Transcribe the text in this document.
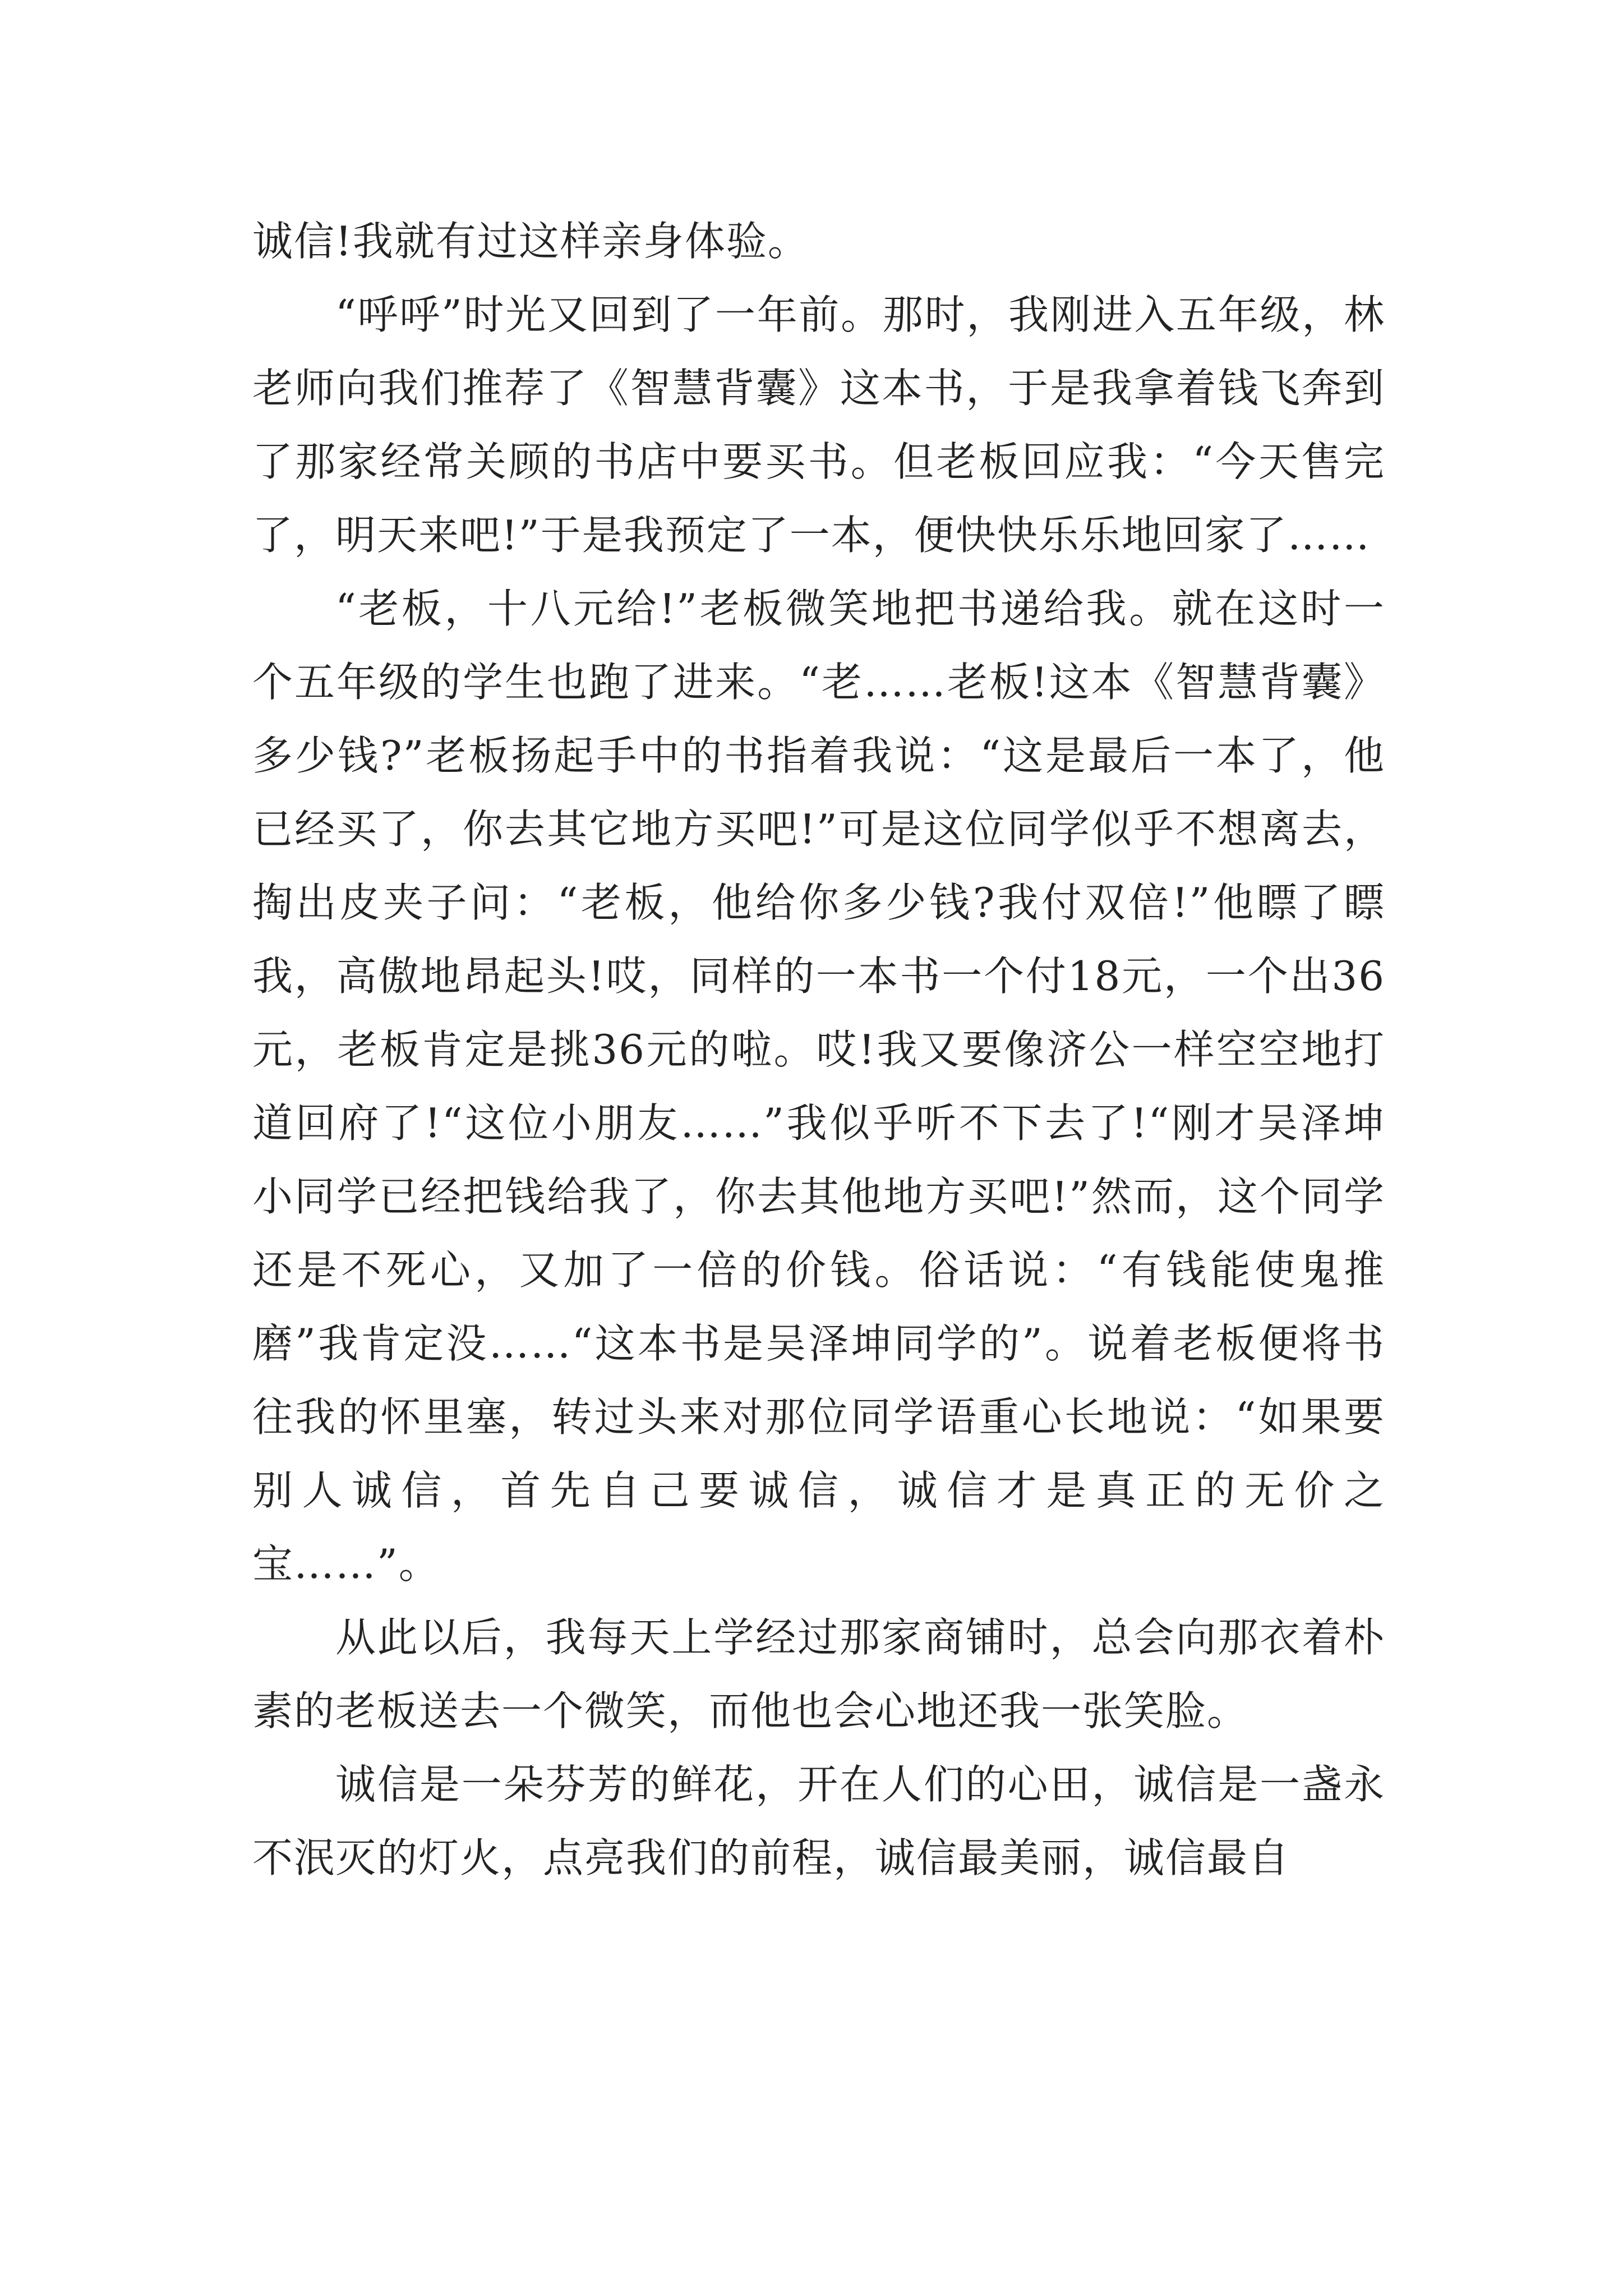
诚信!我就有过这样亲身体验。

“呼呼”时光又回到了一年前。那时，我刚进入五年级，林老师向我们推荐了《智慧背囊》这本书，于是我拿着钱飞奔到了那家经常关顾的书店中要买书。但老板回应我：“今天售完了，明天来吧!”于是我预定了一本，便快快乐乐地回家了……

“老板，十八元给!”老板微笑地把书递给我。就在这时一个五年级的学生也跑了进来。“老……老板!这本《智慧背囊》多少钱?”老板扬起手中的书指着我说：“这是最后一本了，他已经买了，你去其它地方买吧!”可是这位同学似乎不想离去，掏出皮夹子问：“老板，他给你多少钱?我付双倍!”他瞟了瞟我，高傲地昂起头!哎，同样的一本书一个付18元，一个出36元，老板肯定是挑36元的啦。哎!我又要像济公一样空空地打道回府了!“这位小朋友……”我似乎听不下去了!“刚才吴泽坤小同学已经把钱给我了，你去其他地方买吧!”然而，这个同学还是不死心，又加了一倍的价钱。俗话说：“有钱能使鬼推磨”我肯定没……“这本书是吴泽坤同学的”。说着老板便将书往我的怀里塞，转过头来对那位同学语重心长地说：“如果要别人诚信，首先自己要诚信，诚信才是真正的无价之宝……”。

从此以后，我每天上学经过那家商铺时，总会向那衣着朴素的老板送去一个微笑，而他也会心地还我一张笑脸。

诚信是一朵芬芳的鲜花，开在人们的心田，诚信是一盏永不泯灭的灯火，点亮我们的前程，诚信最美丽，诚信最自
